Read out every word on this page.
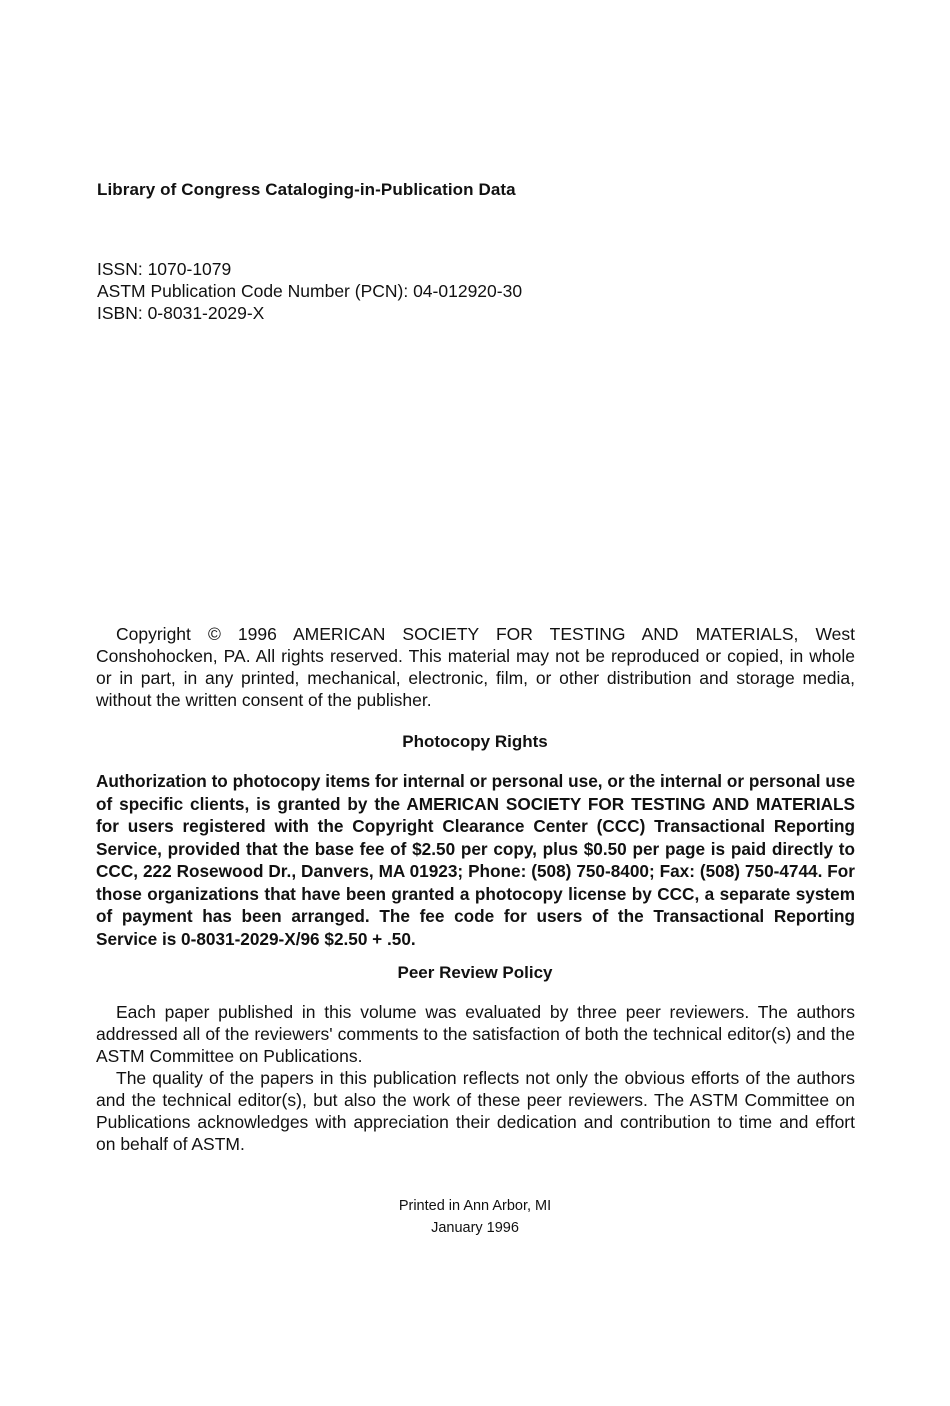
Library of Congress Cataloging-in-Publication Data
ISSN: 1070-1079
ASTM Publication Code Number (PCN): 04-012920-30
ISBN: 0-8031-2029-X
Copyright © 1996 AMERICAN SOCIETY FOR TESTING AND MATERIALS, West Conshohocken, PA. All rights reserved. This material may not be reproduced or copied, in whole or in part, in any printed, mechanical, electronic, film, or other distribution and storage media, without the written consent of the publisher.
Photocopy Rights
Authorization to photocopy items for internal or personal use, or the internal or personal use of specific clients, is granted by the AMERICAN SOCIETY FOR TESTING AND MATERIALS for users registered with the Copyright Clearance Center (CCC) Transactional Reporting Service, provided that the base fee of $2.50 per copy, plus $0.50 per page is paid directly to CCC, 222 Rosewood Dr., Danvers, MA 01923; Phone: (508) 750-8400; Fax: (508) 750-4744. For those organizations that have been granted a photocopy license by CCC, a separate system of payment has been arranged. The fee code for users of the Transactional Reporting Service is 0-8031-2029-X/96 $2.50 + .50.
Peer Review Policy

Each paper published in this volume was evaluated by three peer reviewers. The authors addressed all of the reviewers' comments to the satisfaction of both the technical editor(s) and the ASTM Committee on Publications.

The quality of the papers in this publication reflects not only the obvious efforts of the authors and the technical editor(s), but also the work of these peer reviewers. The ASTM Committee on Publications acknowledges with appreciation their dedication and contribution to time and effort on behalf of ASTM.

Printed in Ann Arbor, MI
January 1996
